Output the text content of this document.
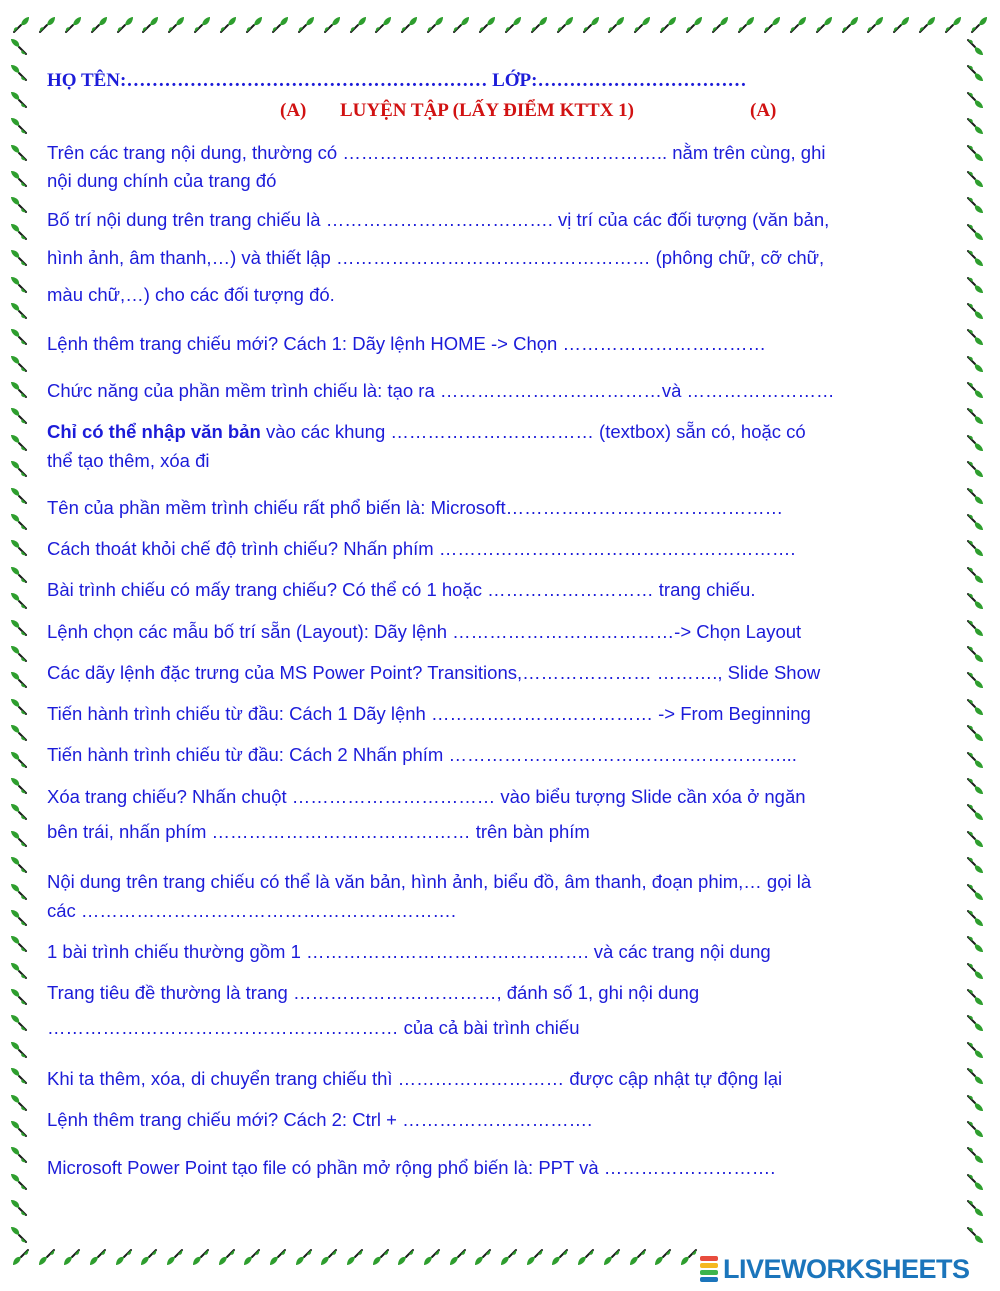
HỌ TÊN:………………………………………………… LỚP:……………………………
(A) LUYỆN TẬP (LẤY ĐIỂM KTTX 1)	(A)
Trên các trang nội dung, thường có …………………………………………….. nằm trên cùng, ghi
nội dung chính của trang đó
Bố trí nội dung trên trang chiếu là ………………………………. vị trí của các đối tượng (văn bản,
hình ảnh, âm thanh,…) và thiết lập …………………………………………… (phông chữ, cỡ chữ,
màu chữ,…) cho các đối tượng đó.
Lệnh thêm trang chiếu mới? Cách 1: Dãy lệnh HOME -> Chọn ……………………………
Chức năng của phần mềm trình chiếu là: tạo ra ………………………………và ……………………
Chỉ có thể nhập văn bản vào các khung …………………………… (textbox) sẵn có, hoặc có
thể tạo thêm, xóa đi
Tên của phần mềm trình chiếu rất phổ biến là: Microsoft………………………………………
Cách thoát khỏi chế độ trình chiếu? Nhấn phím ………………………………………………….
Bài trình chiếu có mấy trang chiếu? Có thể có 1 hoặc ……………………… trang chiếu.
Lệnh chọn các mẫu bố trí sẵn (Layout): Dãy lệnh ………………………………-> Chọn Layout
Các dãy lệnh đặc trưng của MS Power Point? Transitions,………………… ………., Slide Show
Tiến hành trình chiếu từ đầu: Cách 1 Dãy lệnh ……………………………… -> From Beginning
Tiến hành trình chiếu từ đầu: Cách 2 Nhấn phím ………………………………………………...
Xóa trang chiếu? Nhấn chuột …………………………… vào biểu tượng Slide cần xóa ở ngăn
bên trái, nhấn phím …………………………………… trên bàn phím
Nội dung trên trang chiếu có thể là văn bản, hình ảnh, biểu đồ, âm thanh, đoạn phim,… gọi là
các …………………………………………………….
1 bài trình chiếu thường gồm 1 ………………………………………. và các trang nội dung
Trang tiêu đề thường là trang ……………………………, đánh số 1, ghi nội dung
………………………………………………… của cả bài trình chiếu
Khi ta thêm, xóa, di chuyển trang chiếu thì ……………………… được cập nhật tự động lại
Lệnh thêm trang chiếu mới? Cách 2: Ctrl + ………………………….
Microsoft Power Point tạo file có phần mở rộng phổ biến là: PPT và ……………………….
LIVEWORKSHEETS
